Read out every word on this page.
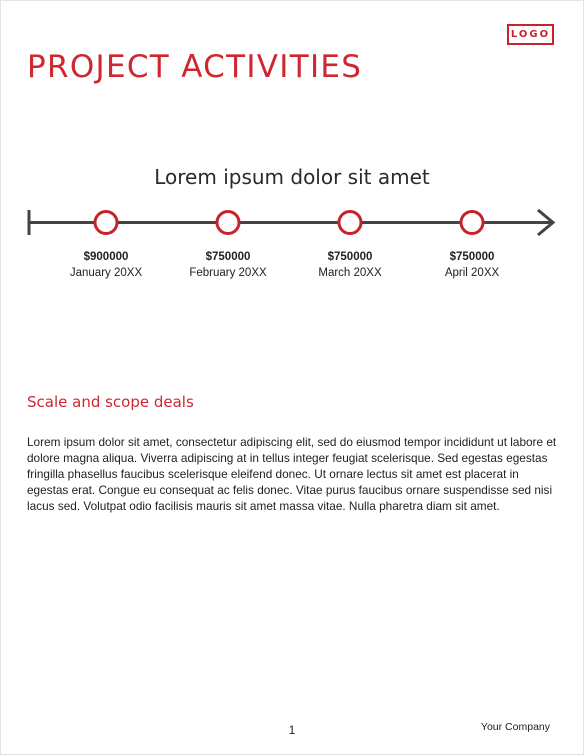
LOGO
PROJECT ACTIVITIES
Lorem ipsum dolor sit amet
$900000
January 20XX
$750000
February 20XX
$750000
March 20XX
$750000
April 20XX
Scale and scope deals

Lorem ipsum dolor sit amet, consectetur adipiscing elit, sed do eiusmod tempor incididunt ut labore et dolore magna aliqua. Viverra adipiscing at in tellus integer feugiat scelerisque. Sed egestas egestas fringilla phasellus faucibus scelerisque eleifend donec. Ut ornare lectus sit amet est placerat in egestas erat. Congue eu consequat ac felis donec. Vitae purus faucibus ornare suspendisse sed nisi lacus sed. Volutpat odio facilisis mauris sit amet massa vitae. Nulla pharetra diam sit amet.

1	Your Company
